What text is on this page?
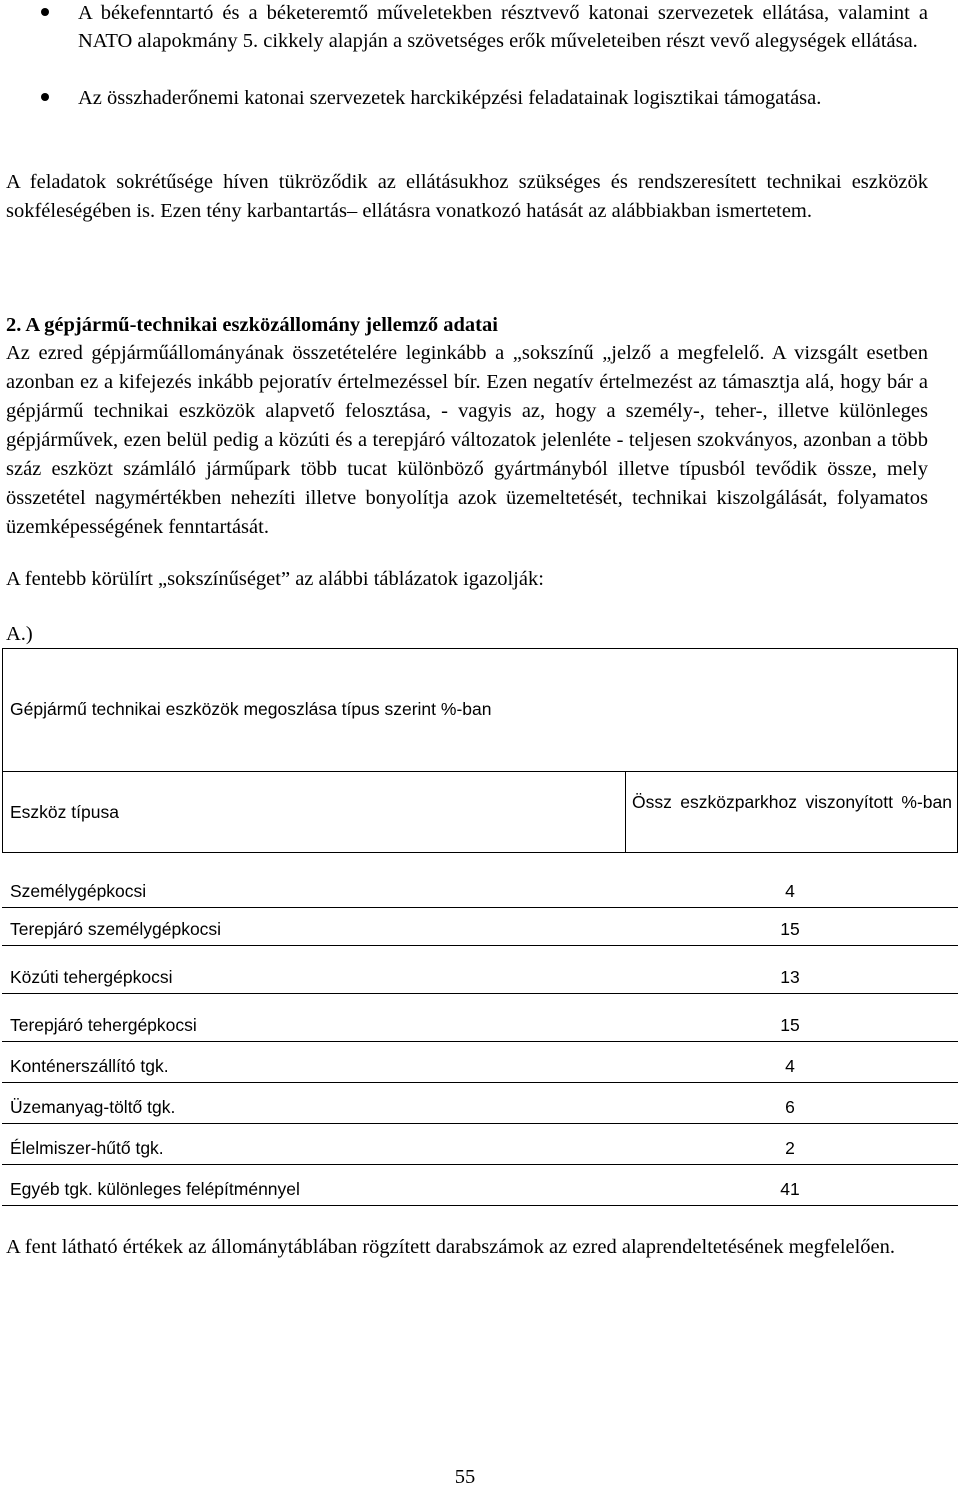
A békefenntartó és a béketeremtő műveletekben résztvevő katonai szervezetek ellátása, valamint a NATO alapokmány 5. cikkely alapján a szövetséges erők műveleteiben részt vevő alegységek ellátása.
Az összhaderőnemi katonai szervezetek harckiképzési feladatainak logisztikai támogatása.
A feladatok sokrétűsége híven tükröződik az ellátásukhoz szükséges és rendszeresített technikai eszközök sokféleségében is. Ezen tény karbantartás– ellátásra vonatkozó hatását az alábbiakban ismertetem.
2. A gépjármű-technikai eszközállomány jellemző adatai
Az ezred gépjárműállományának összetételére leginkább a „sokszínű „jelző a megfelelő. A vizsgált esetben azonban ez a kifejezés inkább pejoratív értelmezéssel bír. Ezen negatív értelmezést az támasztja alá, hogy bár a gépjármű technikai eszközök alapvető felosztása, - vagyis az, hogy a személy-, teher-, illetve különleges gépjárművek, ezen belül pedig a közúti és a terepjáró változatok jelenléte - teljesen szokványos, azonban a több száz eszközt számláló járműpark több tucat különböző gyártmányból illetve típusból tevődik össze, mely összetétel nagymértékben nehezíti illetve bonyolítja azok üzemeltetését, technikai kiszolgálását, folyamatos üzemképességének fenntartását.
A fentebb körülírt „sokszínűséget” az alábbi táblázatok igazolják:
A.)
Gépjármű technikai eszközök megoszlása típus szerint %-ban
Eszköz típusa	Össz eszközparkhoz viszonyított %-ban
Személygépkocsi	4
Terepjáró személygépkocsi	15
Közúti tehergépkocsi	13
Terepjáró tehergépkocsi	15
Konténerszállító tgk.	4
Üzemanyag-töltő tgk.	6
Élelmiszer-hűtő tgk.	2
Egyéb tgk. különleges felépítménnyel	41
A fent látható értékek az állománytáblában rögzített darabszámok az ezred alaprendeltetésének megfelelően.
55
